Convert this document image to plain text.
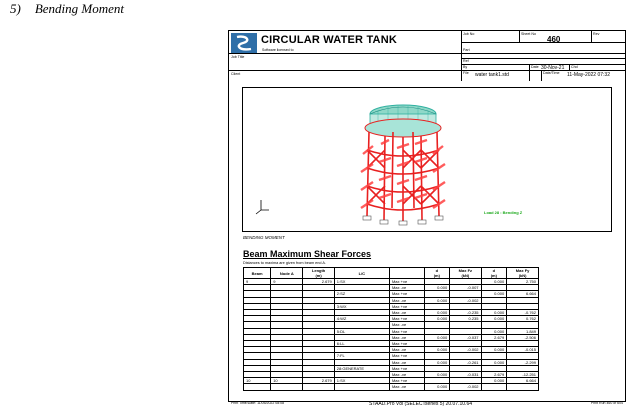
5) Bending Moment
CIRCULAR WATER TANK
Software licensed to
Job No	Sheet No
460
Rev
Part
Job Title
Ref
By	Date 30-Nov-21 Chd
Client	File water tank1.std	Date/Time 11-May-2022 07:32
Load 28 : Bending Z
BENDING MOMENT
Beam Maximum Shear Forces
Distances to maxima are given from beam end A.
Beam	Node A	Length
(m)	L/C		d
(m)	Max Fz
(kN)	d
(m)	Max Fy
(kN)
9	9	2.679	1:SX	Max +ve			0.000	2.750
				Max -ve	0.000	-0.007		
			2:SZ	Max +ve			0.000	6.664
				Max -ve	0.000	-0.002		
			3:WX	Max +ve				
				Max -ve	0.000	-0.235	0.000	-0.762
			4:WZ	Max +ve	0.000	0.235	0.000	0.762
				Max -ve				
			5:DL	Max +ve			0.000	1.849
				Max -ve	0.000	-0.037	2.679	-2.506
			6:LL	Max +ve				
				Max -ve	0.000	-0.002	0.000	-0.015
			7:FL	Max +ve				
				Max -ve	0.000	-0.261	0.000	-2.299
			28:GENERATE	Max +ve				
				Max -ve	0.000	-0.031	2.679	-12.251
10	10	2.679	1:SX	Max +ve			0.000	6.664
				Max -ve	0.000	-0.002		
Print Time/Date: 11/05/2022 08:08	STAAD.Pro V8i (SELECTseries 5) 20.07.10.64	Print Run 460 of 604
